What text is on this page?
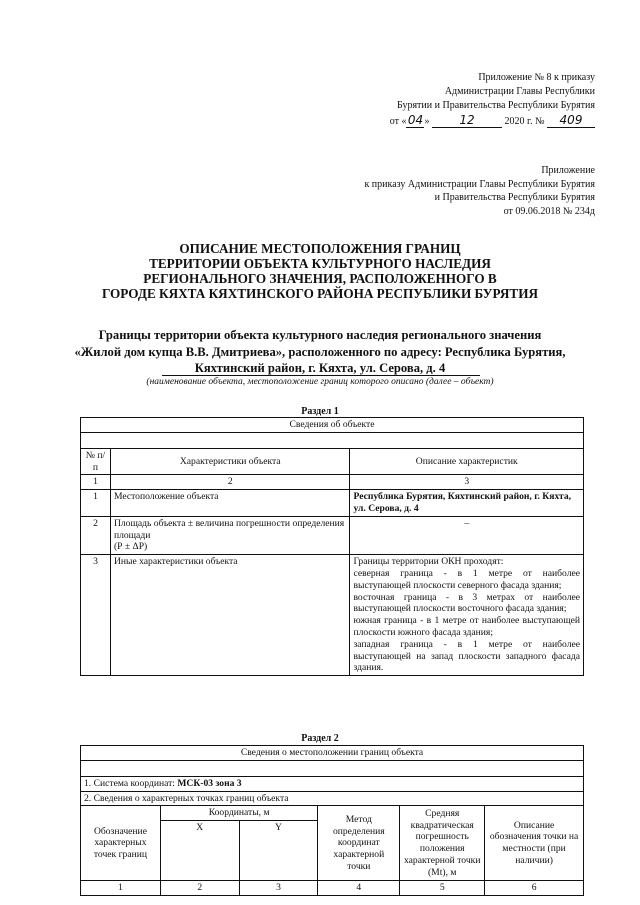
Приложение № 8 к приказу
Администрации Главы Республики
Бурятии и Правительства Республики Бурятия
от «04» 12	2020 г. № 409
Приложение
к приказу Администрации Главы Республики Бурятия
и Правительства Республики Бурятия
от 09.06.2018 № 234д
ОПИСАНИЕ МЕСТОПОЛОЖЕНИЯ ГРАНИЦ
ТЕРРИТОРИИ ОБЪЕКТА КУЛЬТУРНОГО НАСЛЕДИЯ
РЕГИОНАЛЬНОГО ЗНАЧЕНИЯ, РАСПОЛОЖЕННОГО В
ГОРОДЕ КЯХТА КЯХТИНСКОГО РАЙОНА РЕСПУБЛИКИ БУРЯТИЯ
Границы территории объекта культурного наследия регионального значения
«Жилой дом купца В.В. Дмитриева», расположенного по адресу: Республика Бурятия,
Кяхтинский район, г. Кяхта, ул. Серова, д. 4
(наименование объекта, местоположение границ которого описано (далее – объект)
Раздел 1
Сведения об объекте		

№ п/п	Характеристики объекта	Описание характеристик
1	2	3
1	Местоположение объекта	Республика Бурятия, Кяхтинский район, г. Кяхта, ул. Серова, д. 4
2	Площадь объекта ± величина погрешности определения площади
(Р ± ΔР)	–
3	Иные характеристики объекта	Границы территории ОКН проходят:
северная граница - в 1 метре от наиболее выступающей плоскости северного фасада здания;
восточная граница - в 3 метрах от наиболее выступающей плоскости восточного фасада здания;
южная граница - в 1 метре от наиболее выступающей плоскости южного фасада здания;
западная граница - в 1 метре от наиболее выступающей на запад плоскости западного фасада здания.
Раздел 2
Сведения о местоположении границ объекта					

1. Система координат: МСК-03 зона 3					
2. Сведения о характерных точках границ объекта					
Обозначение характерных точек границ	Координаты, м		Метод определения координат характерной точки	Средняя квадратическая погрешность положения характерной точки (Мt), м	Описание обозначения точки на местности (при наличии)
	X	Y			
1	2	3	4	5	6
